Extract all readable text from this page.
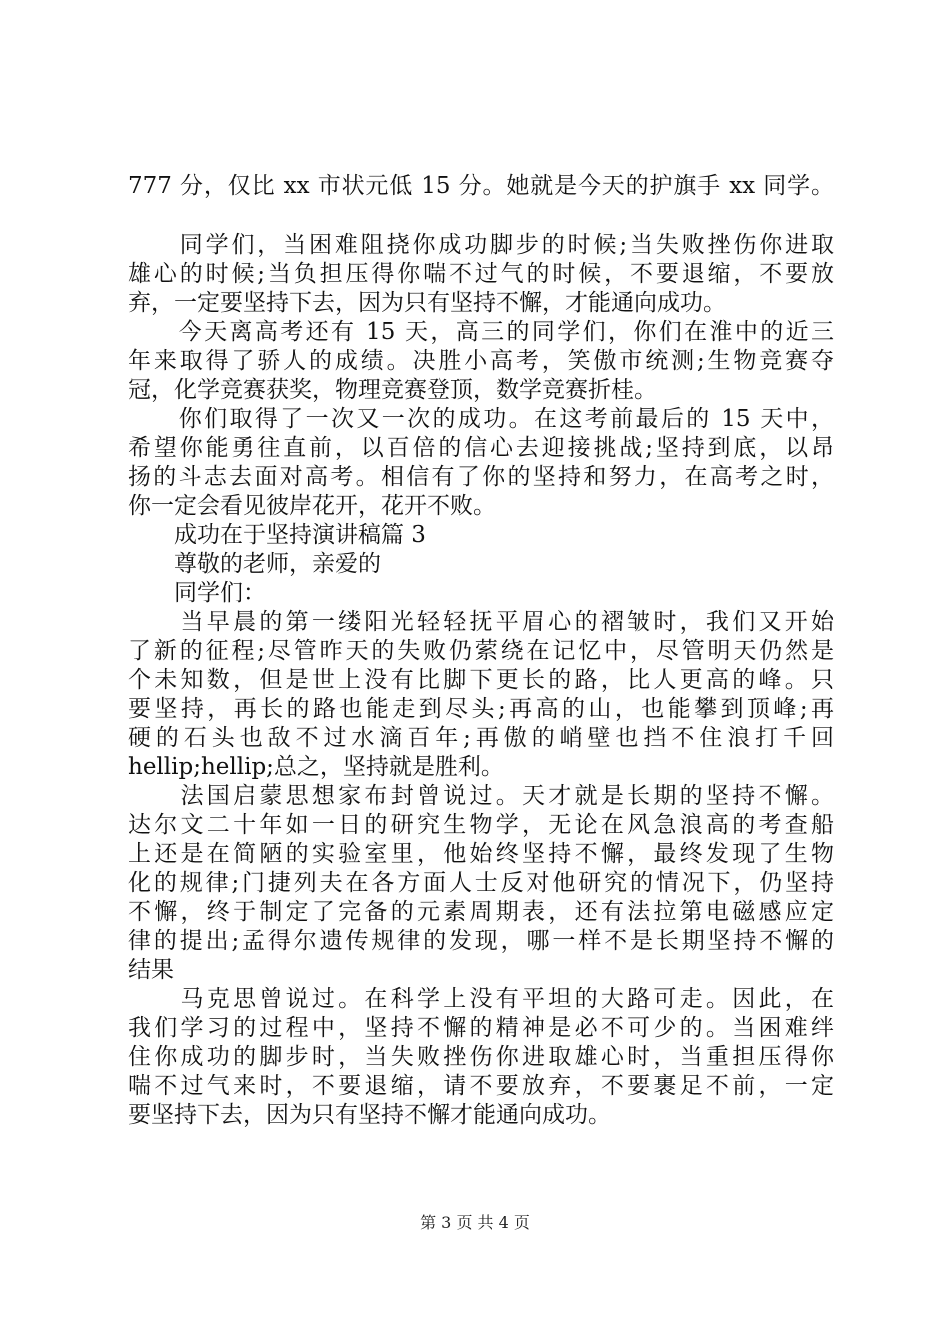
777 分，仅比 xx 市状元低 15 分。她就是今天的护旗手 xx 同学。
　　同学们，当困难阻挠你成功脚步的时候;当失败挫伤你进取
雄心的时候;当负担压得你喘不过气的时候，不要退缩，不要放
弃，一定要坚持下去，因为只有坚持不懈，才能通向成功。
　　今天离高考还有 15 天，高三的同学们，你们在淮中的近三
年来取得了骄人的成绩。决胜小高考，笑傲市统测;生物竞赛夺
冠，化学竞赛获奖，物理竞赛登顶，数学竞赛折桂。
　　你们取得了一次又一次的成功。在这考前最后的 15 天中，
希望你能勇往直前，以百倍的信心去迎接挑战;坚持到底，以昂
扬的斗志去面对高考。相信有了你的坚持和努力，在高考之时，
你一定会看见彼岸花开，花开不败。
　　成功在于坚持演讲稿篇 3
　　尊敬的老师，亲爱的
　　同学们：
　　当早晨的第一缕阳光轻轻抚平眉心的褶皱时，我们又开始
了新的征程;尽管昨天的失败仍萦绕在记忆中，尽管明天仍然是
个未知数，但是世上没有比脚下更长的路，比人更高的峰。只
要坚持，再长的路也能走到尽头;再高的山，也能攀到顶峰;再
硬的石头也敌不过水滴百年;再傲的峭壁也挡不住浪打千回
hellip;hellip;总之，坚持就是胜利。
　　法国启蒙思想家布封曾说过。天才就是长期的坚持不懈。
达尔文二十年如一日的研究生物学，无论在风急浪高的考查船
上还是在简陋的实验室里，他始终坚持不懈，最终发现了生物
化的规律;门捷列夫在各方面人士反对他研究的情况下，仍坚持
不懈，终于制定了完备的元素周期表，还有法拉第电磁感应定
律的提出;孟得尔遗传规律的发现，哪一样不是长期坚持不懈的
结果
　　马克思曾说过。在科学上没有平坦的大路可走。因此，在
我们学习的过程中，坚持不懈的精神是必不可少的。当困难绊
住你成功的脚步时，当失败挫伤你进取雄心时，当重担压得你
喘不过气来时，不要退缩，请不要放弃，不要裹足不前，一定
要坚持下去，因为只有坚持不懈才能通向成功。
第 3 页 共 4 页
